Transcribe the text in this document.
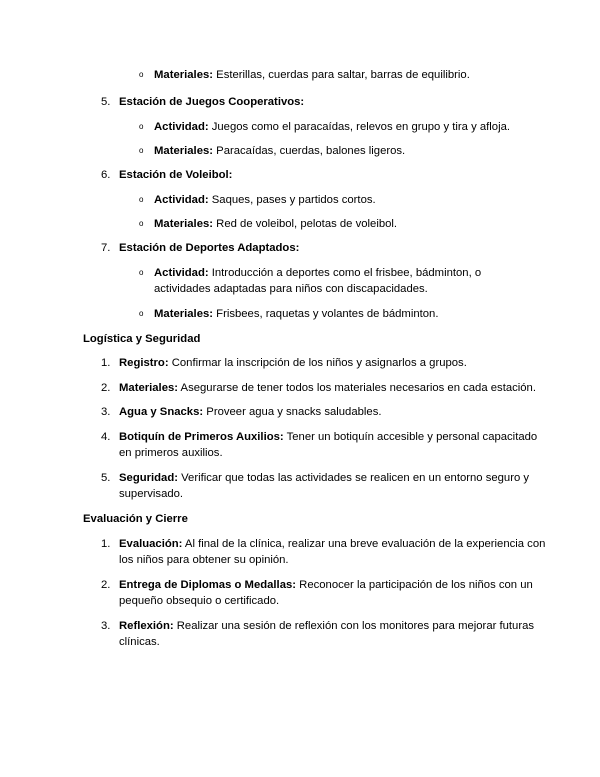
o Materiales: Esterillas, cuerdas para saltar, barras de equilibrio.
5. Estación de Juegos Cooperativos:
o Actividad: Juegos como el paracaídas, relevos en grupo y tira y afloja.
o Materiales: Paracaídas, cuerdas, balones ligeros.
6. Estación de Voleibol:
o Actividad: Saques, pases y partidos cortos.
o Materiales: Red de voleibol, pelotas de voleibol.
7. Estación de Deportes Adaptados:
o Actividad: Introducción a deportes como el frisbee, bádminton, o
actividades adaptadas para niños con discapacidades.
o Materiales: Frisbees, raquetas y volantes de bádminton.
Logística y Seguridad
1. Registro: Confirmar la inscripción de los niños y asignarlos a grupos.
2. Materiales: Asegurarse de tener todos los materiales necesarios en cada estación.
3. Agua y Snacks: Proveer agua y snacks saludables.
4. Botiquín de Primeros Auxilios: Tener un botiquín accesible y personal capacitado
en primeros auxilios.
5. Seguridad: Verificar que todas las actividades se realicen en un entorno seguro y
supervisado.
Evaluación y Cierre
1. Evaluación: Al final de la clínica, realizar una breve evaluación de la experiencia con
los niños para obtener su opinión.
2. Entrega de Diplomas o Medallas: Reconocer la participación de los niños con un
pequeño obsequio o certificado.
3. Reflexión: Realizar una sesión de reflexión con los monitores para mejorar futuras
clínicas.
